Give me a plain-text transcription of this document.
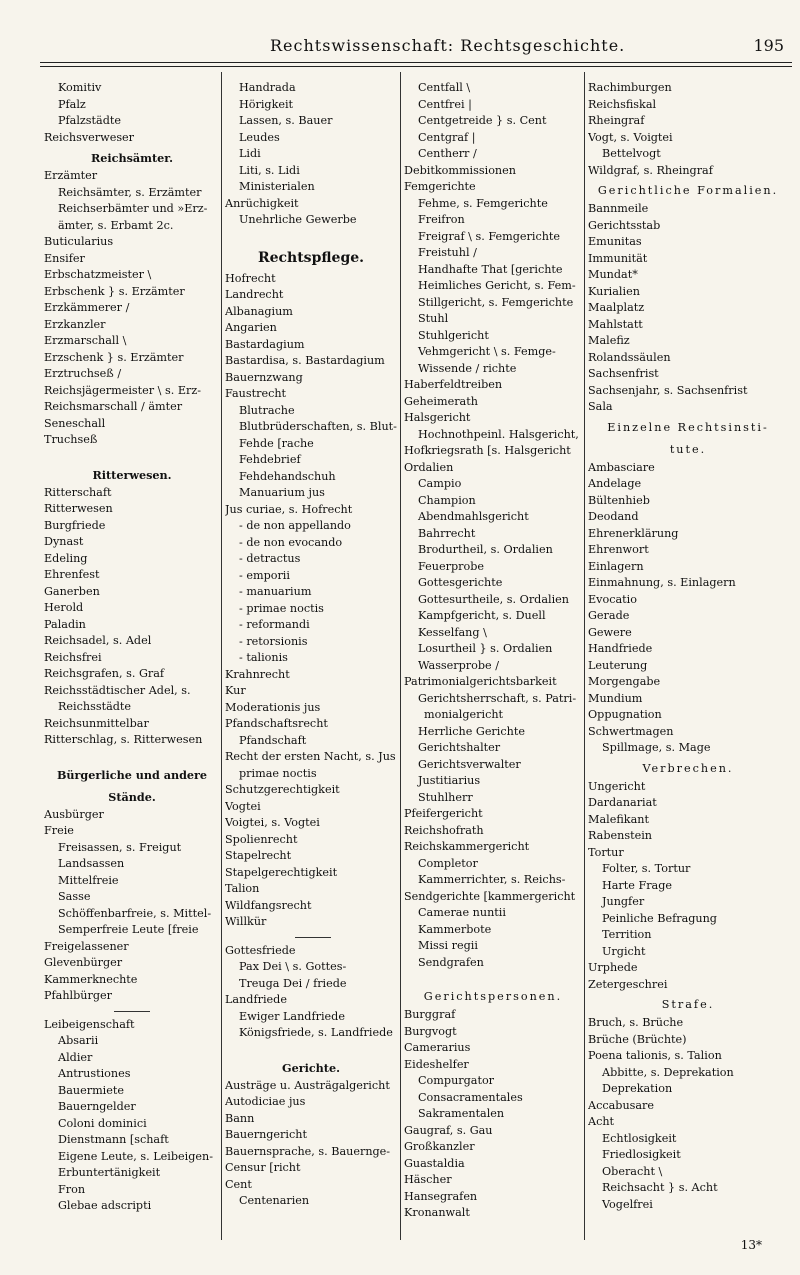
Rechtswissenschaft: Rechtsgeschichte.	195
Komitiv
Pfalz
Pfalzstädte
Reichsverweser
Reichsämter.
Erzämter
Reichsämter, s. Erzämter
Reichserbämter und »Erz-
ämter, s. Erbamt 2c.
Buticularius
Ensifer
Erbschatzmeister \
Erbschenk } s. Erzämter
Erzkämmerer /
Erzkanzler
Erzmarschall \
Erzschenk } s. Erzämter
Erztruchseß /
Reichsjägermeister \ s. Erz-
Reichsmarschall / ämter
Seneschall
Truchseß
Ritterwesen.
Ritterschaft
Ritterwesen
Burgfriede
Dynast
Edeling
Ehrenfest
Ganerben
Herold
Paladin
Reichsadel, s. Adel
Reichsfrei
Reichsgrafen, s. Graf
Reichsstädtischer Adel, s.
Reichsstädte
Reichsunmittelbar
Ritterschlag, s. Ritterwesen
Bürgerliche und andere
Stände.
Ausbürger
Freie
Freisassen, s. Freigut
Landsassen
Mittelfreie
Sasse
Schöffenbarfreie, s. Mittel-
Semperfreie Leute [freie
Freigelassener
Glevenbürger
Kammerknechte
Pfahlbürger
Leibeigenschaft
Absarii
Aldier
Antrustiones
Bauermiete
Bauerngelder
Coloni dominici
Dienstmann [schaft
Eigene Leute, s. Leibeigen-
Erbuntertänigkeit
Fron
Glebae adscripti
Handrada
Hörigkeit
Lassen, s. Bauer
Leudes
Lidi
Liti, s. Lidi
Ministerialen
Anrüchigkeit
Unehrliche Gewerbe
Rechtspflege.
Hofrecht
Landrecht
Albanagium
Angarien
Bastardagium
Bastardisa, s. Bastardagium
Bauernzwang
Faustrecht
Blutrache
Blutbrüderschaften, s. Blut-
Fehde [rache
Fehdebrief
Fehdehandschuh
Manuarium jus
Jus curiae, s. Hofrecht
- de non appellando
- de non evocando
- detractus
- emporii
- manuarium
- primae noctis
- reformandi
- retorsionis
- talionis
Krahnrecht
Kur
Moderationis jus
Pfandschaftsrecht
Pfandschaft
Recht der ersten Nacht, s. Jus
primae noctis
Schutzgerechtigkeit
Vogtei
Voigtei, s. Vogtei
Spolienrecht
Stapelrecht
Stapelgerechtigkeit
Talion
Wildfangsrecht
Willkür
Gottesfriede
Pax Dei \ s. Gottes-
Treuga Dei / friede
Landfriede
Ewiger Landfriede
Königsfriede, s. Landfriede
Gerichte.
Austräge u. Austrägalgericht
Autodiciae jus
Bann
Bauerngericht
Bauernsprache, s. Bauernge-
Censur [richt
Cent
Centenarien
Centfall \
Centfrei |
Centgetreide } s. Cent
Centgraf |
Centherr /
Debitkommissionen
Femgerichte
Fehme, s. Femgerichte
Freifron
Freigraf \ s. Femgerichte
Freistuhl /
Handhafte That [gerichte
Heimliches Gericht, s. Fem-
Stillgericht, s. Femgerichte
Stuhl
Stuhlgericht
Vehmgericht \ s. Femge-
Wissende / richte
Haberfeldtreiben
Geheimerath
Halsgericht
Hochnothpeinl. Halsgericht,
Hofkriegsrath [s. Halsgericht
Ordalien
Campio
Champion
Abendmahlsgericht
Bahrrecht
Brodurtheil, s. Ordalien
Feuerprobe
Gottesgerichte
Gottesurtheile, s. Ordalien
Kampfgericht, s. Duell
Kesselfang \
Losurtheil } s. Ordalien
Wasserprobe /
Patrimonialgerichtsbarkeit
Gerichtsherrschaft, s. Patri-
monialgericht
Herrliche Gerichte
Gerichtshalter
Gerichtsverwalter
Justitiarius
Stuhlherr
Pfeifergericht
Reichshofrath
Reichskammergericht
Completor
Kammerrichter, s. Reichs-
Sendgerichte [kammergericht
Camerae nuntii
Kammerbote
Missi regii
Sendgrafen
Gerichtspersonen.
Burggraf
Burgvogt
Camerarius
Eideshelfer
Compurgator
Consacramentales
Sakramentalen
Gaugraf, s. Gau
Großkanzler
Guastaldia
Häscher
Hansegrafen
Kronanwalt
Rachimburgen
Reichsfiskal
Rheingraf
Vogt, s. Voigtei
Bettelvogt
Wildgraf, s. Rheingraf
Gerichtliche Formalien.
Bannmeile
Gerichtsstab
Emunitas
Immunität
Mundat*
Kurialien
Maalplatz
Mahlstatt
Malefiz
Rolandssäulen
Sachsenfrist
Sachsenjahr, s. Sachsenfrist
Sala
Einzelne Rechtsinsti-
tute.
Ambasciare
Andelage
Bültenhieb
Deodand
Ehrenerklärung
Ehrenwort
Einlagern
Einmahnung, s. Einlagern
Evocatio
Gerade
Gewere
Handfriede
Leuterung
Morgengabe
Mundium
Oppugnation
Schwertmagen
Spillmage, s. Mage
Verbrechen.
Ungericht
Dardanariat
Malefikant
Rabenstein
Tortur
Folter, s. Tortur
Harte Frage
Jungfer
Peinliche Befragung
Territion
Urgicht
Urphede
Zetergeschrei
Strafe.
Bruch, s. Brüche
Brüche (Brüchte)
Poena talionis, s. Talion
Abbitte, s. Deprekation
Deprekation
Accabusare
Acht
Echtlosigkeit
Friedlosigkeit
Oberacht \
Reichsacht } s. Acht
Vogelfrei
13*
